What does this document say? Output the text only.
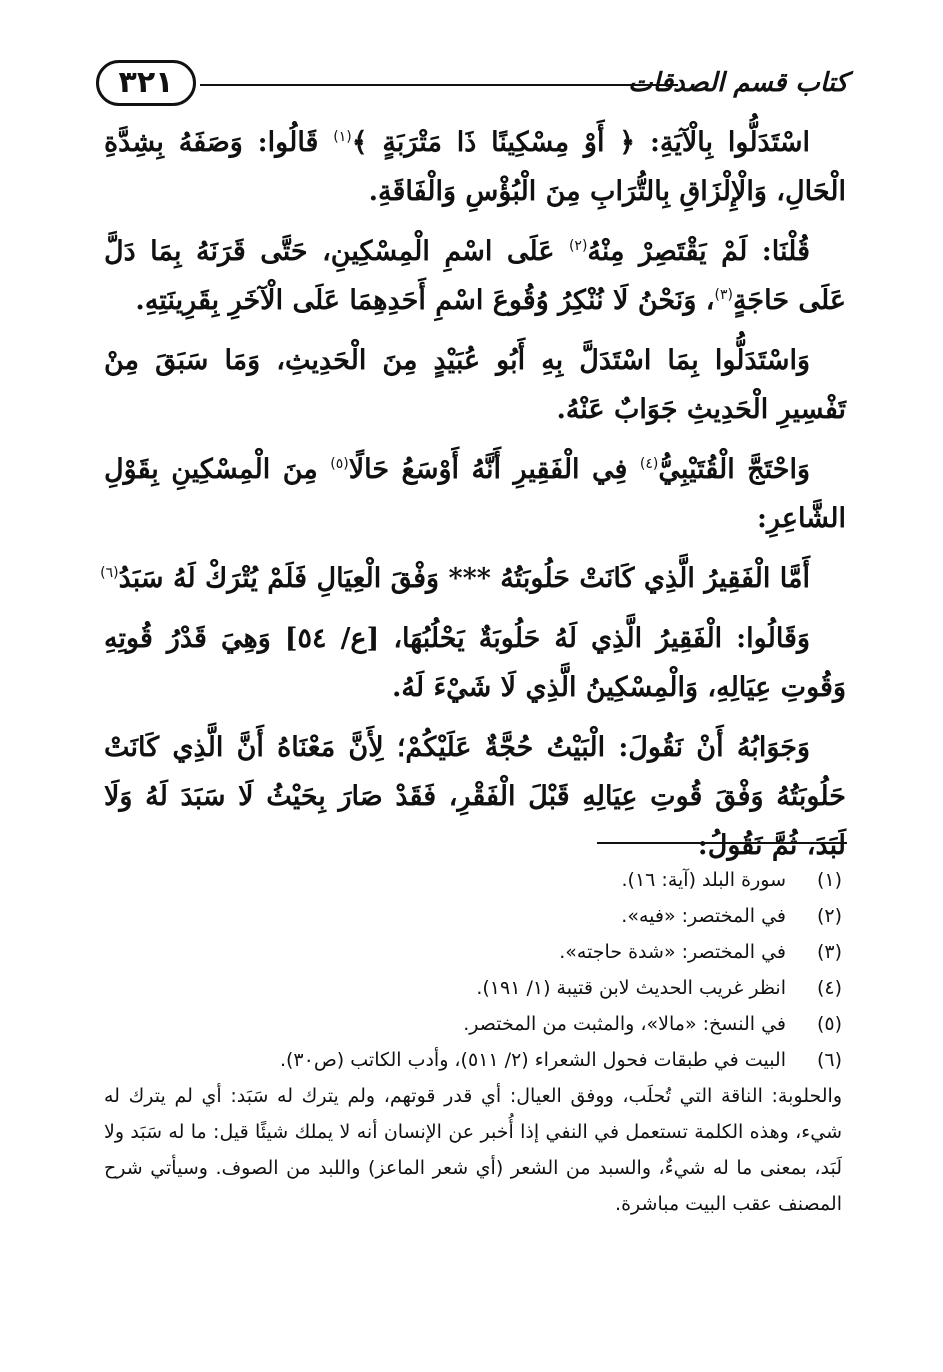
٣٢١	كتاب قسم الصدقات

اسْتَدَلُّوا بِالْآيَةِ: ﴿ أَوْ مِسْكِينًا ذَا مَتْرَبَةٍ ﴾$^{(١)}$ قَالُوا: وَصَفَهُ بِشِدَّةِ الْحَالِ، وَالْإِلْزَاقِ بِالتُّرَابِ مِنَ الْبُؤْسِ وَالْفَاقَةِ.

قُلْنَا: لَمْ يَقْتَصِرْ مِنْهُ$^{(٢)}$ عَلَى اسْمِ الْمِسْكِينِ، حَتَّى قَرَنَهُ بِمَا دَلَّ عَلَى حَاجَةٍ$^{(٣)}$، وَنَحْنُ لَا نُنْكِرُ وُقُوعَ اسْمِ أَحَدِهِمَا عَلَى الْآخَرِ بِقَرِينَتِهِ.

وَاسْتَدَلُّوا بِمَا اسْتَدَلَّ بِهِ أَبُو عُبَيْدٍ مِنَ الْحَدِيثِ، وَمَا سَبَقَ مِنْ تَفْسِيرِ الْحَدِيثِ جَوَابٌ عَنْهُ.

وَاحْتَجَّ الْقُتَيْبِيُّ$^{(٤)}$ فِي الْفَقِيرِ أَنَّهُ أَوْسَعُ حَالًا$^{(٥)}$ مِنَ الْمِسْكِينِ بِقَوْلِ الشَّاعِرِ:

أَمَّا الْفَقِيرُ الَّذِي كَانَتْ حَلُوبَتُهُ *** وَفْقَ الْعِيَالِ فَلَمْ يُتْرَكْ لَهُ سَبَدُ$^{(٦)}$

وَقَالُوا: الْفَقِيرُ الَّذِي لَهُ حَلُوبَةٌ يَحْلُبُهَا، [ع/ ٥٤] وَهِيَ قَدْرُ قُوتِهِ وَقُوتِ عِيَالِهِ، وَالْمِسْكِينُ الَّذِي لَا شَيْءَ لَهُ.

وَجَوَابُهُ أَنْ نَقُولَ: الْبَيْتُ حُجَّةٌ عَلَيْكُمْ؛ لِأَنَّ مَعْنَاهُ أَنَّ الَّذِي كَانَتْ حَلُوبَتُهُ وَفْقَ قُوتِ عِيَالِهِ قَبْلَ الْفَقْرِ، فَقَدْ صَارَ بِحَيْثُ لَا سَبَدَ لَهُ وَلَا لَبَدَ، ثُمَّ نَقُولُ:

(١)
سورة البلد (آية: ١٦).
(٢)
في المختصر: «فيه».
(٣)
في المختصر: «شدة حاجته».
(٤)
انظر غريب الحديث لابن قتيبة (١/ ١٩١).
(٥)
في النسخ: «مالا»، والمثبت من المختصر.
(٦)
البيت في طبقات فحول الشعراء (٢/ ٥١١)، وأدب الكاتب (ص٣٠).

والحلوبة: الناقة التي تُحلَب، ووفق العيال: أي قدر قوتهم، ولم يترك له سَبَد: أي لم يترك له شيء، وهذه الكلمة تستعمل في النفي إذا أُخبر عن الإنسان أنه لا يملك شيئًا قيل: ما له سَبَد ولا لَبَد، بمعنى ما له شيءٌ، والسبد من الشعر (أي شعر الماعز) واللبد من الصوف. وسيأتي شرح المصنف عقب البيت مباشرة.
